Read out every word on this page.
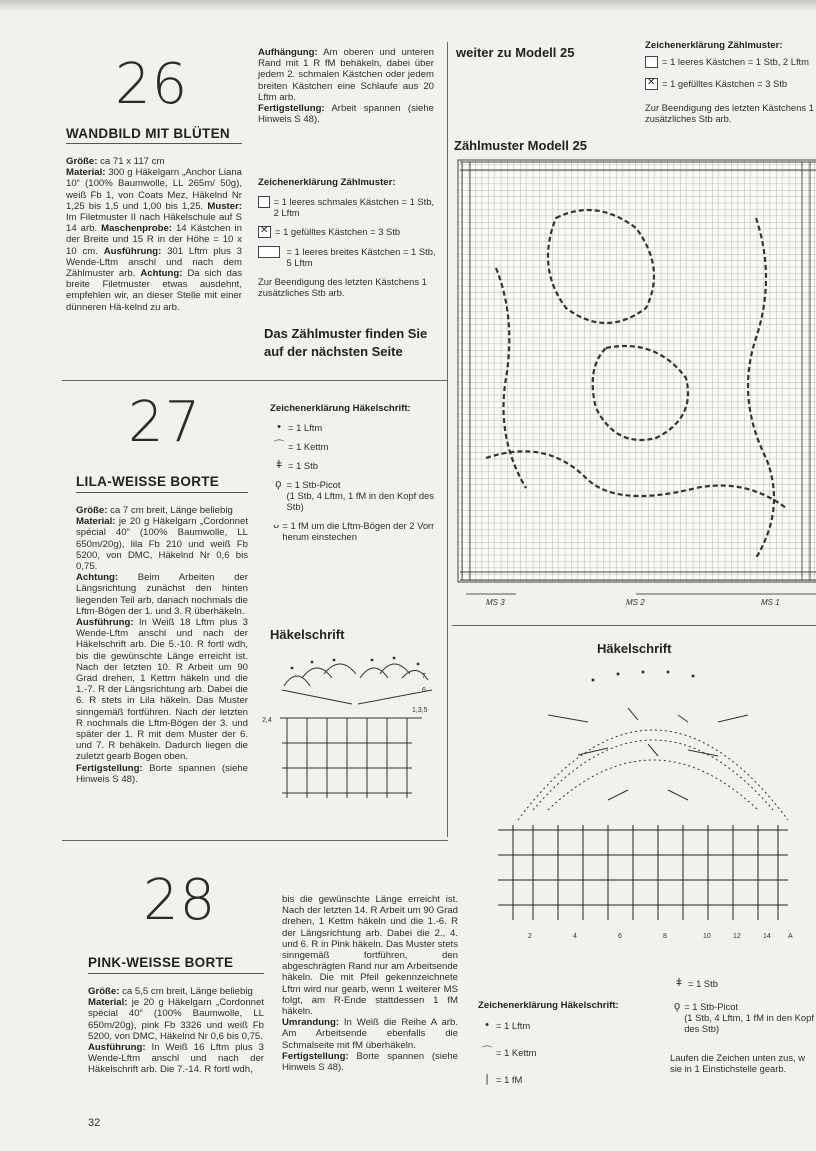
26
WANDBILD MIT BLÜTEN
Größe: ca 71 x 117 cm
Material: 300 g Häkelgarn „Anchor Liana 10“ (100% Baumwolle, LL 265m/ 50g), weiß Fb 1, von Coats Mez, Häkelnd Nr 1,25 bis 1,5 und 1,00 bis 1,25. Muster: Im Filetmuster II nach Häkelschule auf S 14 arb. Maschenprobe: 14 Kästchen in der Breite und 15 R in der Höhe = 10 x 10 cm. Ausführung: 301 Lftm plus 3 Wende-Lftm anschl und nach dem Zählmuster arb. Achtung: Da sich das breite Filetmuster etwas ausdehnt, empfehlen wir, an dieser Stelle mit einer dünneren Hä-kelnd zu arb.
Aufhängung: Am oberen und unteren Rand mit 1 R fM behäkeln, dabei über jedem 2. schmalen Kästchen oder jedem breiten Kästchen eine Schlaufe aus 20 Lftm arb.
Fertigstellung: Arbeit spannen (siehe Hinweis S 48).
Zeichenerklärung Zählmuster:
= 1 leeres schmales Kästchen = 1 Stb, 2 Lftm
✕
= 1 gefülltes Kästchen = 3 Stb
= 1 leeres breites Kästchen = 1 Stb, 5 Lftm
Zur Beendigung des letzten Kästchens 1 zusätzliches Stb arb.
Das Zählmuster finden Sie auf der nächsten Seite
27
LILA-WEISSE BORTE
Größe: ca 7 cm breit, Länge beliebig
Material: je 20 g Häkelgarn „Cordonnet spécial 40“ (100% Baumwolle, LL 650m/20g), lila Fb 210 und weiß Fb 5200, von DMC, Häkelnd Nr 0,6 bis 0,75.
Achtung: Beim Arbeiten der Längsrichtung zunächst den hinten liegenden Teil arb, danach nochmals die Lftm-Bögen der 1. und 3. R überhäkeln.
Ausführung: In Weiß 18 Lftm plus 3 Wende-Lftm anschl und nach der Häkelschrift arb. Die 5.-10. R fortl wdh, bis die gewünschte Länge erreicht ist. Nach der letzten 10. R Arbeit um 90 Grad drehen, 1 Kettm häkeln und die 1.-7. R der Längsrichtung arb. Dabei die 6. R stets in Lila häkeln. Das Muster sinngemäß fortführen. Nach der letzten R nochmals die Lftm-Bögen der 3. und später der 1. R mit dem Muster der 6. und 7. R behäkeln. Dadurch liegen die zuletzt gearb Bogen oben.
Fertigstellung: Borte spannen (siehe Hinweis S 48).
Zeichenerklärung Häkelschrift:
• = 1 Lftm
⌒ = 1 Kettm
ǂ = 1 Stb
ϙ = 1 Stb-Picot
(1 Stb, 4 Lftm, 1 fM in den Kopf des Stb)
ᴗ = 1 fM um die Lftm-Bögen der 2 Vorr herum einstechen
Häkelschrift
7
6
1,3,5
2,4
28
PINK-WEISSE BORTE
Größe: ca 5,5 cm breit, Länge beliebig
Material: je 20 g Häkelgarn „Cordonnet spécial 40“ (100% Baumwolle, LL 650m/20g), pink Fb 3326 und weiß Fb 5200, von DMC, Häkelnd Nr 0,6 bis 0,75.
Ausführung: In Weiß 16 Lftm plus 3 Wende-Lftm anschl und nach der Häkelschrift arb. Die 7.-14. R fortl wdh,
bis die gewünschte Länge erreicht ist. Nach der letzten 14. R Arbeit um 90 Grad drehen, 1 Kettm häkeln und die 1.-6. R der Längsrichtung arb. Dabei die 2., 4. und 6. R in Pink häkeln. Das Muster stets sinngemäß fortführen, den abgeschrägten Rand nur am Arbeitsende häkeln. Die mit Pfeil gekennzeichnete Lftm wird nur gearb, wenn 1 weiterer MS folgt, am R-Ende stattdessen 1 fM häkeln.
Umrandung: In Weiß die Reihe A arb. Am Arbeitsende ebenfalls die Schmalseite mit fM überhäkeln.
Fertigstellung: Borte spannen (siehe Hinweis S 48).
Zeichenerklärung Häkelschrift:
• = 1 Lftm
⌒ = 1 Kettm
| = 1 fM
ǂ = 1 Stb
ϙ = 1 Stb-Picot
(1 Stb, 4 Lftm, 1 fM in den Kopf des Stb)
Laufen die Zeichen unten zus, w sie in 1 Einstichstelle gearb.
weiter zu Modell 25	Zeichenerklärung Zählmuster:
= 1 leeres Kästchen = 1 Stb, 2 Lftm
✕
= 1 gefülltes Kästchen = 3 Stb
Zur Beendigung des letzten Kästchens 1 zusätzliches Stb arb.
Zählmuster Modell 25
MS 3	MS 2	MS 1
Häkelschrift
2	4	6	8	10	12	14 A
32
